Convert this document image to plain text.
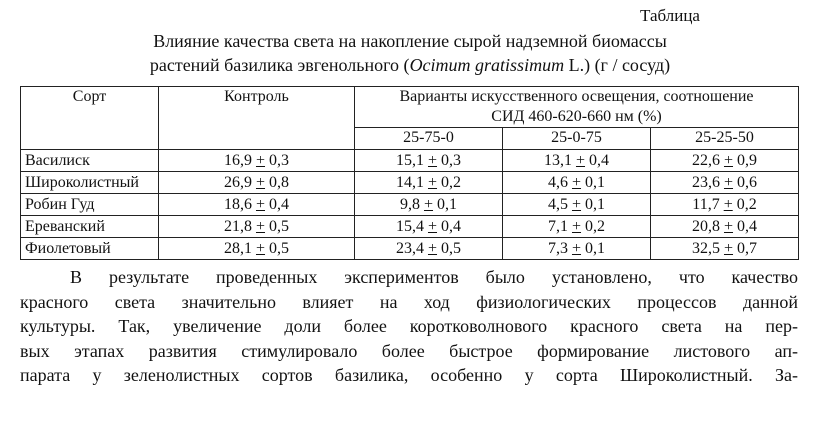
Таблица
Влияние качества света на накопление сырой надземной биомассы
растений базилика эвгенольного (Ocimum gratissimum L.) (г / сосуд)
Сорт	Контроль	Варианты искусственного освещения, соотношение
СИД 460-620-660 нм (%)		

		25-75-0	25-0-75	25-25-50
Василиск	16,9 + 0,3	15,1 + 0,3	13,1 + 0,4	22,6 + 0,9
Широколистный	26,9 + 0,8	14,1 + 0,2	4,6 + 0,1	23,6 + 0,6
Робин Гуд	18,6 + 0,4	9,8 + 0,1	4,5 + 0,1	11,7 + 0,2
Ереванский	21,8 + 0,5	15,4 + 0,4	7,1 + 0,2	20,8 + 0,4
Фиолетовый	28,1 + 0,5	23,4 + 0,5	7,3 + 0,1	32,5 + 0,7
В результате проведенных экспериментов было установлено, что качество
красного света значительно влияет на ход физиологических процессов данной
культуры. Так, увеличение доли более коротковолнового красного света на пер-
вых этапах развития стимулировало более быстрое формирование листового ап-
парата у зеленолистных сортов базилика, особенно у сорта Широколистный. За-
